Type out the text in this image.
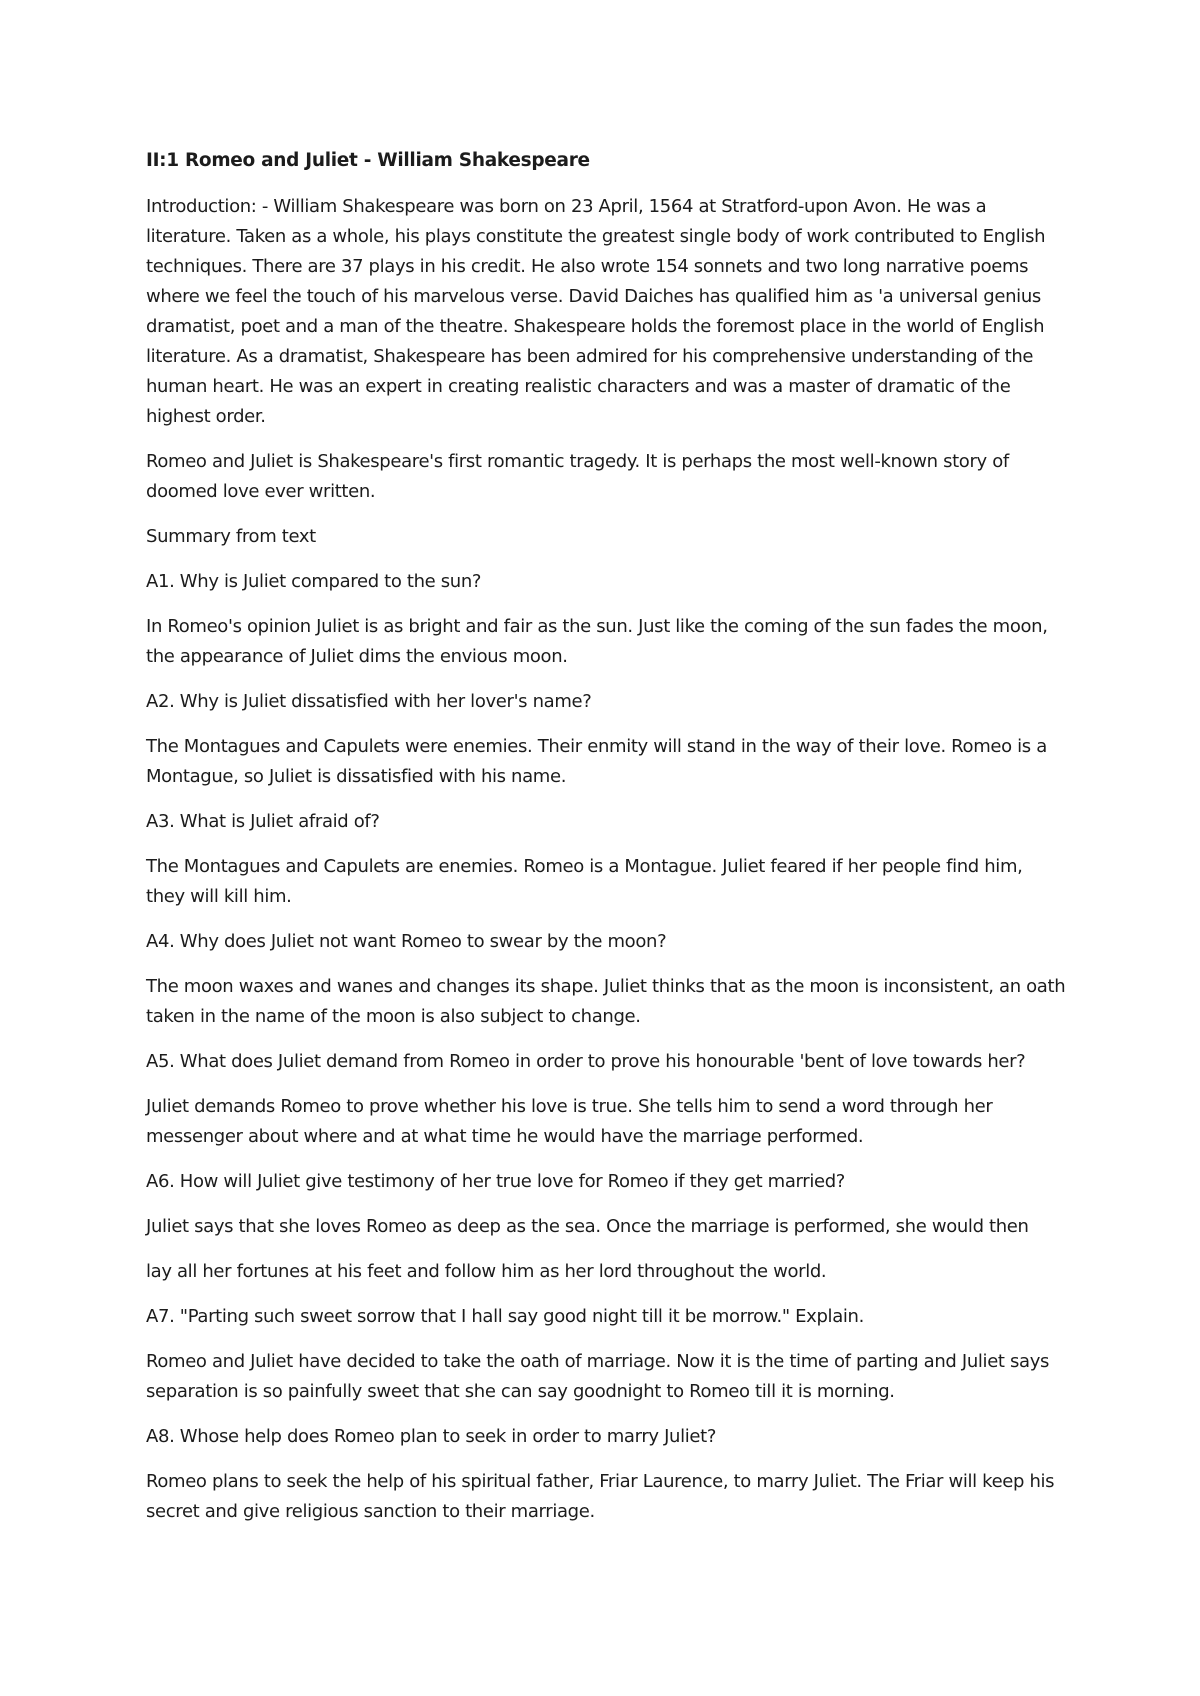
II:1 Romeo and Juliet - William Shakespeare

Introduction: - William Shakespeare was born on 23 April, 1564 at Stratford-upon Avon. He was a literature. Taken as a whole, his plays constitute the greatest single body of work contributed to English techniques. There are 37 plays in his credit. He also wrote 154 sonnets and two long narrative poems where we feel the touch of his marvelous verse. David Daiches has qualified him as 'a universal genius dramatist, poet and a man of the theatre. Shakespeare holds the foremost place in the world of English literature. As a dramatist, Shakespeare has been admired for his comprehensive understanding of the human heart. He was an expert in creating realistic characters and was a master of dramatic of the highest order.

Romeo and Juliet is Shakespeare's first romantic tragedy. It is perhaps the most well-known story of doomed love ever written.

Summary from text

A1. Why is Juliet compared to the sun?

In Romeo's opinion Juliet is as bright and fair as the sun. Just like the coming of the sun fades the moon, the appearance of Juliet dims the envious moon.

A2. Why is Juliet dissatisfied with her lover's name?

The Montagues and Capulets were enemies. Their enmity will stand in the way of their love. Romeo is a Montague, so Juliet is dissatisfied with his name.

A3. What is Juliet afraid of?

The Montagues and Capulets are enemies. Romeo is a Montague. Juliet feared if her people find him, they will kill him.

A4. Why does Juliet not want Romeo to swear by the moon?

The moon waxes and wanes and changes its shape. Juliet thinks that as the moon is inconsistent, an oath taken in the name of the moon is also subject to change.

A5. What does Juliet demand from Romeo in order to prove his honourable 'bent of love towards her?

Juliet demands Romeo to prove whether his love is true. She tells him to send a word through her messenger about where and at what time he would have the marriage performed.

A6. How will Juliet give testimony of her true love for Romeo if they get married?

Juliet says that she loves Romeo as deep as the sea. Once the marriage is performed, she would then

lay all her fortunes at his feet and follow him as her lord throughout the world.

A7. "Parting such sweet sorrow that I hall say good night till it be morrow." Explain.

Romeo and Juliet have decided to take the oath of marriage. Now it is the time of parting and Juliet says separation is so painfully sweet that she can say goodnight to Romeo till it is morning.

A8. Whose help does Romeo plan to seek in order to marry Juliet?

Romeo plans to seek the help of his spiritual father, Friar Laurence, to marry Juliet. The Friar will keep his secret and give religious sanction to their marriage.
